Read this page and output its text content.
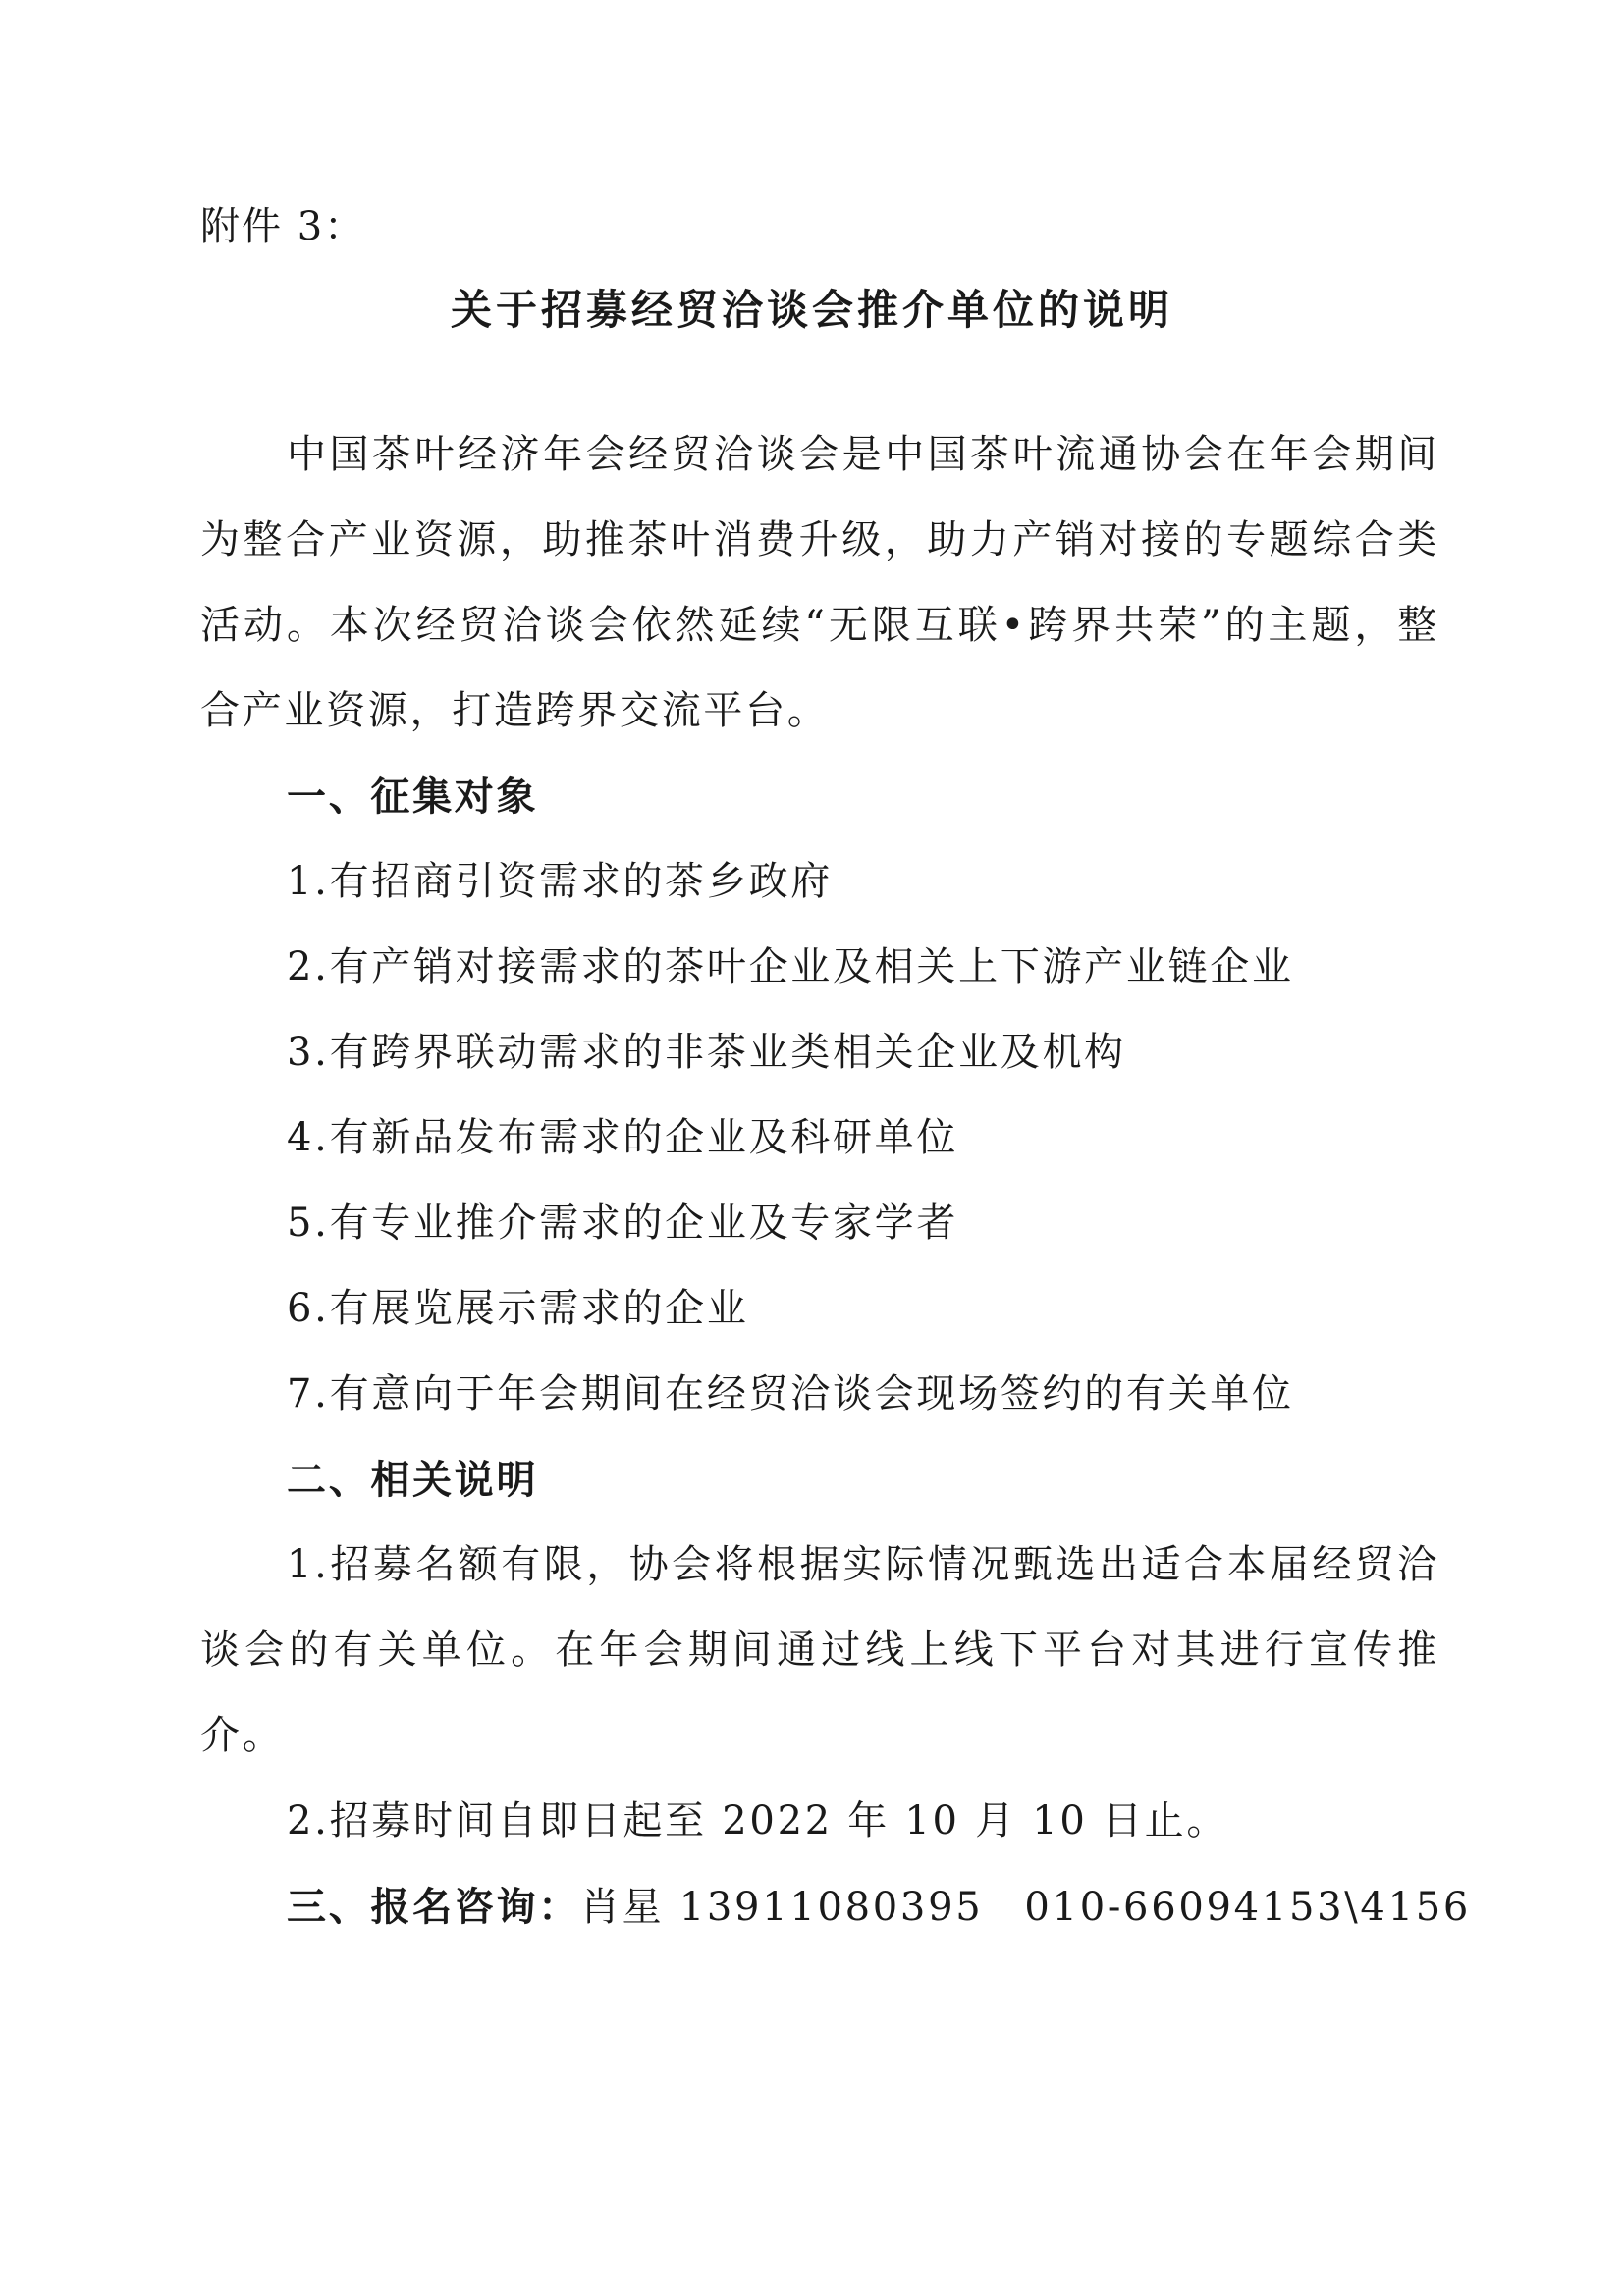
附件 3：
关于招募经贸洽谈会推介单位的说明

中国茶叶经济年会经贸洽谈会是中国茶叶流通协会在年会期间为整合产业资源，助推茶叶消费升级，助力产销对接的专题综合类活动。本次经贸洽谈会依然延续“无限互联•跨界共荣”的主题，整合产业资源，打造跨界交流平台。

一、征集对象

1.有招商引资需求的茶乡政府

2.有产销对接需求的茶叶企业及相关上下游产业链企业

3.有跨界联动需求的非茶业类相关企业及机构

4.有新品发布需求的企业及科研单位

5.有专业推介需求的企业及专家学者

6.有展览展示需求的企业

7.有意向于年会期间在经贸洽谈会现场签约的有关单位

二、相关说明

1.招募名额有限，协会将根据实际情况甄选出适合本届经贸洽谈会的有关单位。在年会期间通过线上线下平台对其进行宣传推介。

2.招募时间自即日起至 2022 年 10 月 10 日止。

三、报名咨询：肖星 13911080395 010-66094153\4156
